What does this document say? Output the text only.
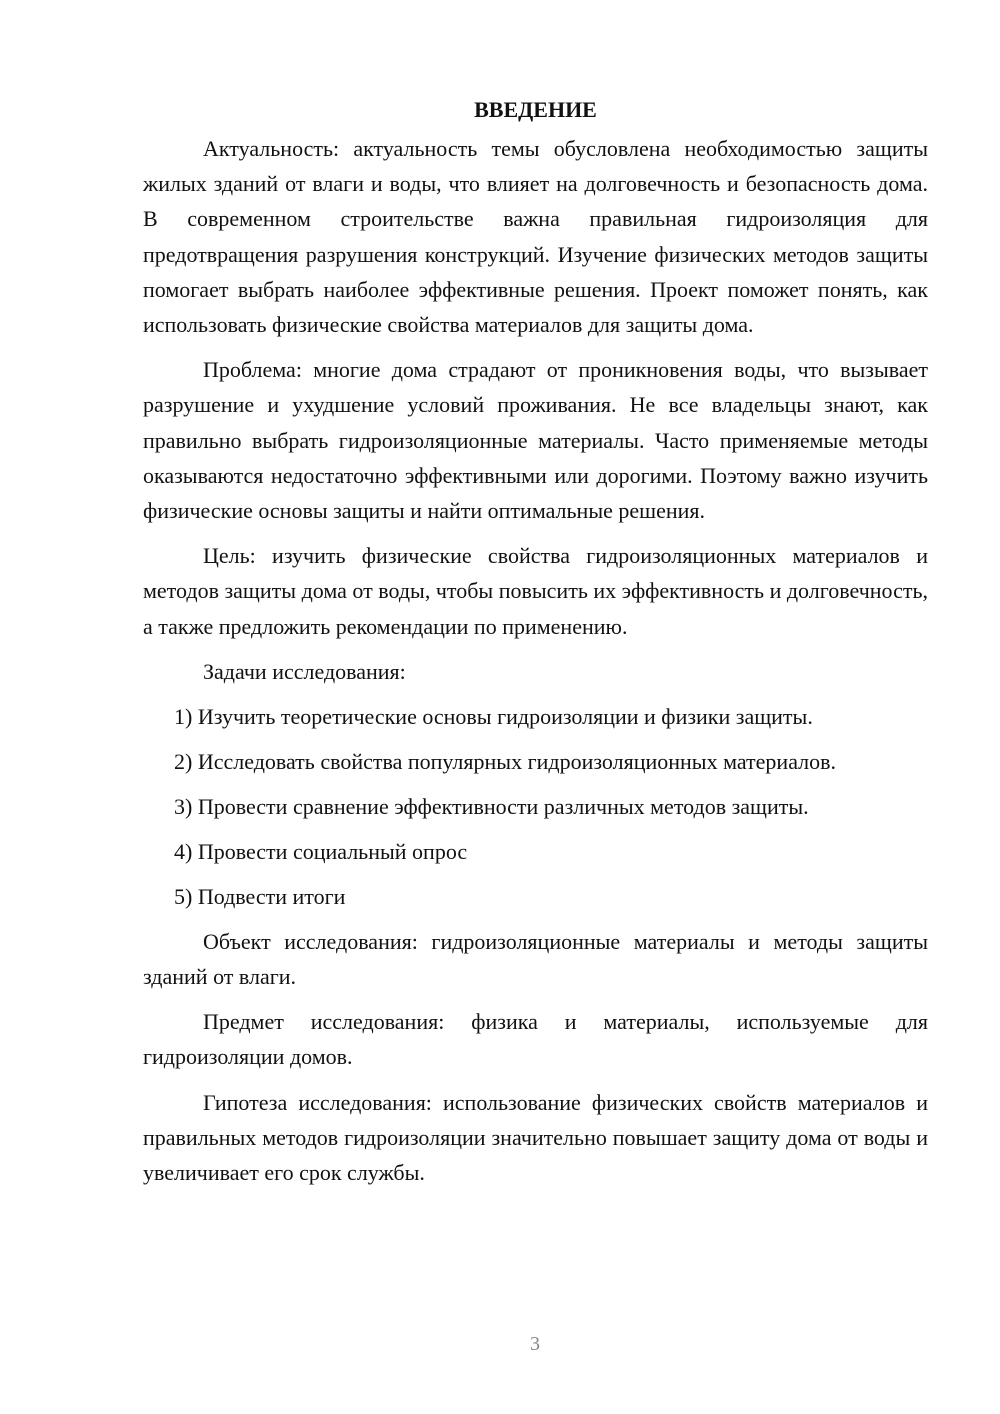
ВВЕДЕНИЕ

Актуальность: актуальность темы обусловлена необходимостью защиты жилых зданий от влаги и воды, что влияет на долговечность и безопасность дома. В современном строительстве важна правильная гидроизоляция для предотвращения разрушения конструкций. Изучение физических методов защиты помогает выбрать наиболее эффективные решения. Проект поможет понять, как использовать физические свойства материалов для защиты дома.

Проблема: многие дома страдают от проникновения воды, что вызывает разрушение и ухудшение условий проживания. Не все владельцы знают, как правильно выбрать гидроизоляционные материалы. Часто применяемые методы оказываются недостаточно эффективными или дорогими. Поэтому важно изучить физические основы защиты и найти оптимальные решения.

Цель: изучить физические свойства гидроизоляционных материалов и методов защиты дома от воды, чтобы повысить их эффективность и долговечность, а также предложить рекомендации по применению.

Задачи исследования:

1) Изучить теоретические основы гидроизоляции и физики защиты.
2) Исследовать свойства популярных гидроизоляционных материалов.
3) Провести сравнение эффективности различных методов защиты.
4) Провести социальный опрос
5) Подвести итоги

Объект исследования: гидроизоляционные материалы и методы защиты зданий от влаги.

Предмет исследования: физика и материалы, используемые для гидроизоляции домов.

Гипотеза исследования: использование физических свойств материалов и правильных методов гидроизоляции значительно повышает защиту дома от воды и увеличивает его срок службы.

3
